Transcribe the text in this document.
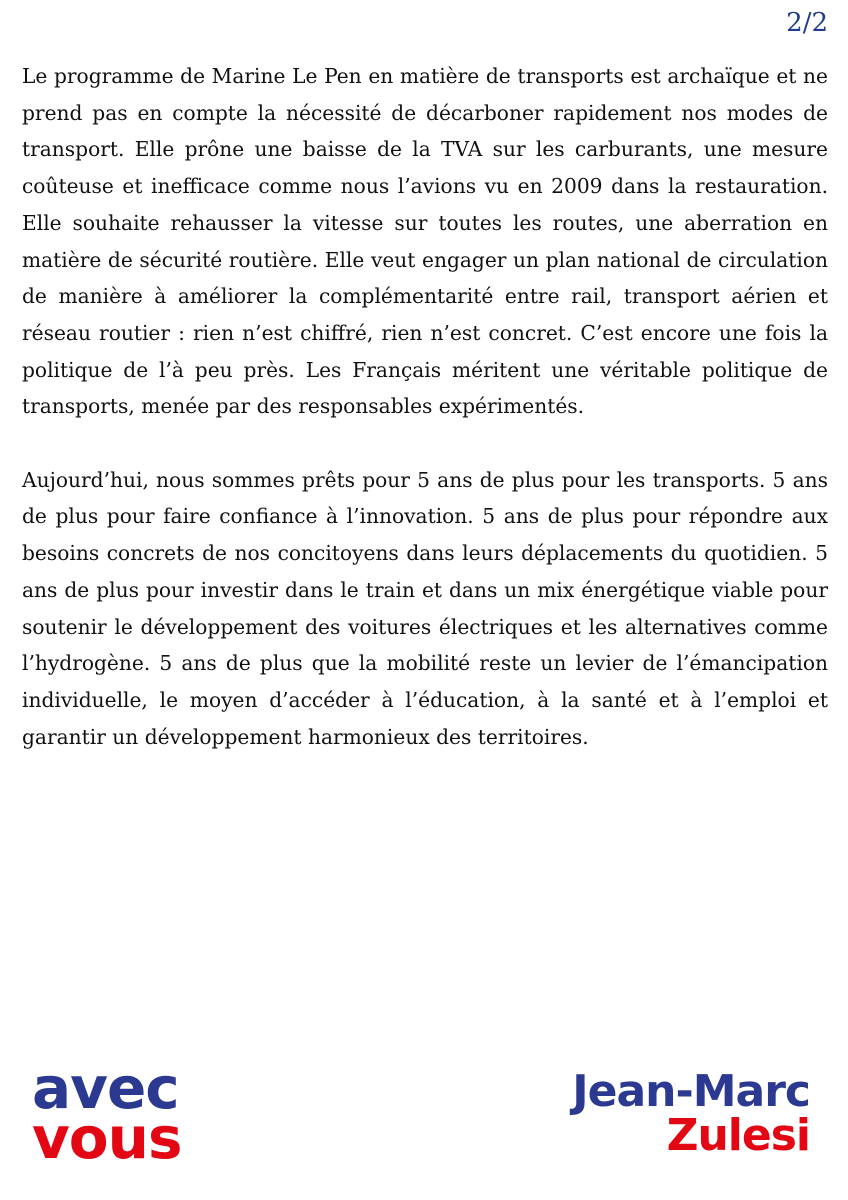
2/2

Le programme de Marine Le Pen en matière de transports est archaïque et ne prend pas en compte la nécessité de décarboner rapidement nos modes de transport. Elle prône une baisse de la TVA sur les carburants, une mesure coûteuse et inefficace comme nous l’avions vu en 2009 dans la restauration. Elle souhaite rehausser la vitesse sur toutes les routes, une aberration en matière de sécurité routière. Elle veut engager un plan national de circulation de manière à améliorer la complémentarité entre rail, transport aérien et réseau routier : rien n’est chiffré, rien n’est concret. C’est encore une fois la politique de l’à peu près. Les Français méritent une véritable politique de transports, menée par des responsables expérimentés.

Aujourd’hui, nous sommes prêts pour 5 ans de plus pour les transports. 5 ans de plus pour faire confiance à l’innovation. 5 ans de plus pour répondre aux besoins concrets de nos concitoyens dans leurs déplacements du quotidien. 5 ans de plus pour investir dans le train et dans un mix énergétique viable pour soutenir le développement des voitures électriques et les alternatives comme l’hydrogène. 5 ans de plus que la mobilité reste un levier de l’émancipation individuelle, le moyen d’accéder à l’éducation, à la santé et à l’emploi et garantir un développement harmonieux des territoires.

avec
vous
Jean-Marc
Zulesi
